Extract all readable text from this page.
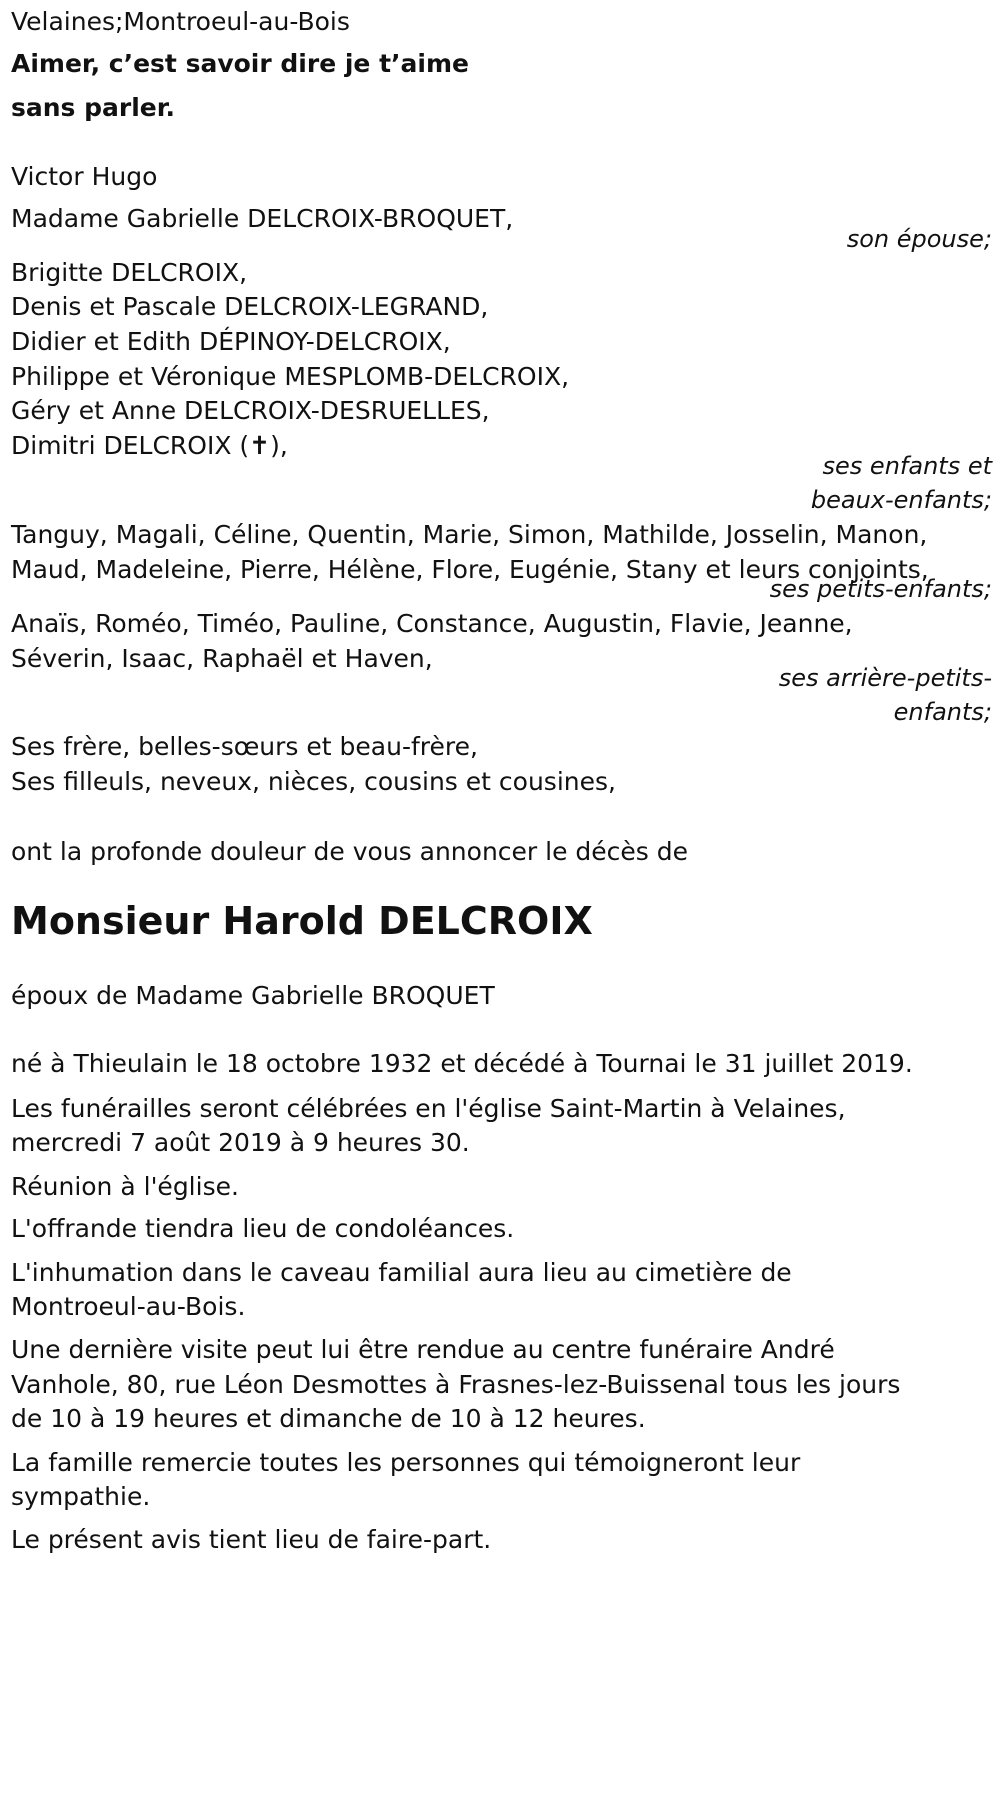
Velaines;Montroeul-au-Bois

Aimer, c’est savoir dire je t’aime

sans parler.

Victor Hugo

Madame Gabrielle DELCROIX-BROQUET,

son épouse;

Brigitte DELCROIX,

Denis et Pascale DELCROIX-LEGRAND,

Didier et Edith DÉPINOY-DELCROIX,

Philippe et Véronique MESPLOMB-DELCROIX,

Géry et Anne DELCROIX-DESRUELLES,

Dimitri DELCROIX (✝),

ses enfants et

beaux-enfants;

Tanguy, Magali, Céline, Quentin, Marie, Simon, Mathilde, Josselin, Manon,

Maud, Madeleine, Pierre, Hélène, Flore, Eugénie, Stany et leurs conjoints,

ses petits-enfants;

Anaïs, Roméo, Timéo, Pauline, Constance, Augustin, Flavie, Jeanne,

Séverin, Isaac, Raphaël et Haven,

ses arrière-petits-

enfants;

Ses frère, belles-sœurs et beau-frère,

Ses filleuls, neveux, nièces, cousins et cousines,

ont la profonde douleur de vous annoncer le décès de

Monsieur Harold DELCROIX

époux de Madame Gabrielle BROQUET

né à Thieulain le 18 octobre 1932 et décédé à Tournai le 31 juillet 2019.

Les funérailles seront célébrées en l'église Saint-Martin à Velaines,

mercredi 7 août 2019 à 9 heures 30.

Réunion à l'église.

L'offrande tiendra lieu de condoléances.

L'inhumation dans le caveau familial aura lieu au cimetière de

Montroeul-au-Bois.

Une dernière visite peut lui être rendue au centre funéraire André

Vanhole, 80, rue Léon Desmottes à Frasnes-lez-Buissenal tous les jours

de 10 à 19 heures et dimanche de 10 à 12 heures.

La famille remercie toutes les personnes qui témoigneront leur

sympathie.

Le présent avis tient lieu de faire-part.
